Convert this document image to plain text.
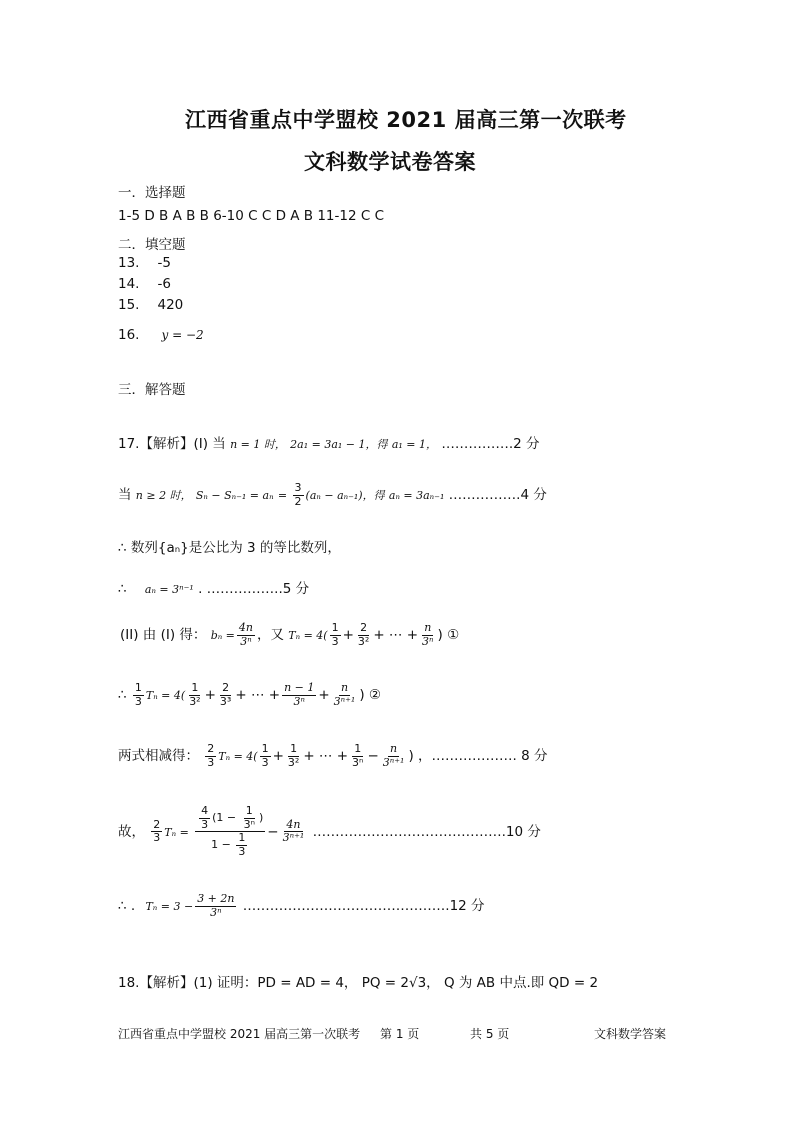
江西省重点中学盟校 2021 届高三第一次联考
文科数学试卷答案
一．选择题
1-5 D B A B B 6-10 C C D A B 11-12 C C
二．填空题
13. -5
14. -6
15. 420
16. y = −2
三．解答题
17.【解析】(I) 当 n = 1 时， 2a₁ = 3a₁ − 1，得 a₁ = 1， …………….2 分
当 n ≥ 2 时， $S_n - S_{n-1} = a_n = \frac{3}{2} (a_n - a_{n-1})$，得 aₙ = 3aₙ₋₁ …………….4 分
∴ 数列{aₙ}是公比为 3 的等比数列，
∴ aₙ = 3ⁿ⁻¹ . ……………..5 分
(II) 由 (I) 得： $b_n = \frac{4n}{\text{3ⁿ}}$ ，又 $T_n = 4( \frac{1}{3} + \frac{2}{\text{3²}}$ + ⋯ + $\frac{n}{\text{3ⁿ}}$ ) ①
∴ $\frac{1}{3}$ $T_n = 4( \frac{1}{\text{3²}} + \frac{2}{\text{3³}}$ + ⋯ + $\frac{n - 1}{\text{3ⁿ}} + \frac{n}{\text{3ⁿ⁺¹}}$ ) ②
两式相减得： $\frac{2}{3}$ $T_n = 4( \frac{1}{3} + \frac{1}{\text{3²}}$ + ⋯ + $\frac{1}{\text{3ⁿ}} - \frac{n}{\text{3ⁿ⁺¹}}$ ) ，………………. 8 分
故， $\frac{2}{3}$ $T_n = \frac{\frac{4}{3} (1 - \frac{1}{\text{3ⁿ}} )}{1 - \frac{1}{3}} - \frac{4n}{\text{3ⁿ⁺¹}}$ …………………………………….10 分
∴ . $T_n = 3 - \frac{3 + 2n}{\text{3ⁿ}}$ ……………………………………….12 分
18.【解析】(1) 证明：PD = AD = 4， PQ = 2√3， Q 为 AB 中点.即 QD = 2
江西省重点中学盟校 2021 届高三第一次联考 第 1 页	共 5 页	文科数学答案
